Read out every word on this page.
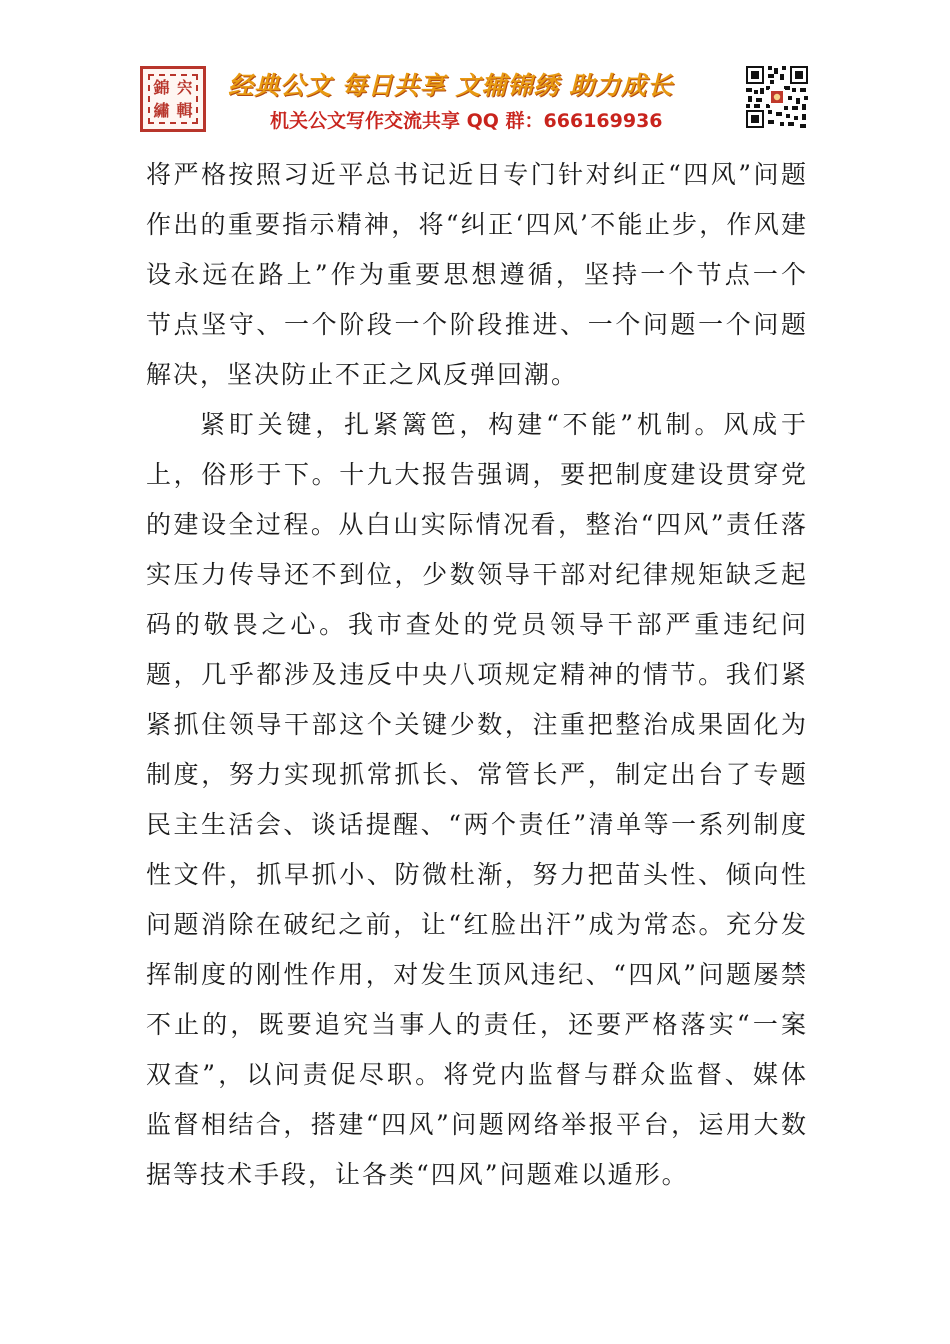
錦 宍
繡 輯
经典公文 每日共享 文辅锦绣 助力成长
机关公文写作交流共享 QQ 群：666169936

将严格按照习近平总书记近日专门针对纠正“四风”问题作出的重要指示精神，将“纠正‘四风’不能止步，作风建设永远在路上”作为重要思想遵循，坚持一个节点一个节点坚守、一个阶段一个阶段推进、一个问题一个问题解决，坚决防止不正之风反弹回潮。

紧盯关键，扎紧篱笆，构建“不能”机制。风成于上，俗形于下。十九大报告强调，要把制度建设贯穿党的建设全过程。从白山实际情况看，整治“四风”责任落实压力传导还不到位，少数领导干部对纪律规矩缺乏起码的敬畏之心。我市查处的党员领导干部严重违纪问题，几乎都涉及违反中央八项规定精神的情节。我们紧紧抓住领导干部这个关键少数，注重把整治成果固化为制度，努力实现抓常抓长、常管长严，制定出台了专题民主生活会、谈话提醒、“两个责任”清单等一系列制度性文件，抓早抓小、防微杜渐，努力把苗头性、倾向性问题消除在破纪之前，让“红脸出汗”成为常态。充分发挥制度的刚性作用，对发生顶风违纪、“四风”问题屡禁不止的，既要追究当事人的责任，还要严格落实“一案双查”，以问责促尽职。将党内监督与群众监督、媒体监督相结合，搭建“四风”问题网络举报平台，运用大数据等技术手段，让各类“四风”问题难以遁形。
